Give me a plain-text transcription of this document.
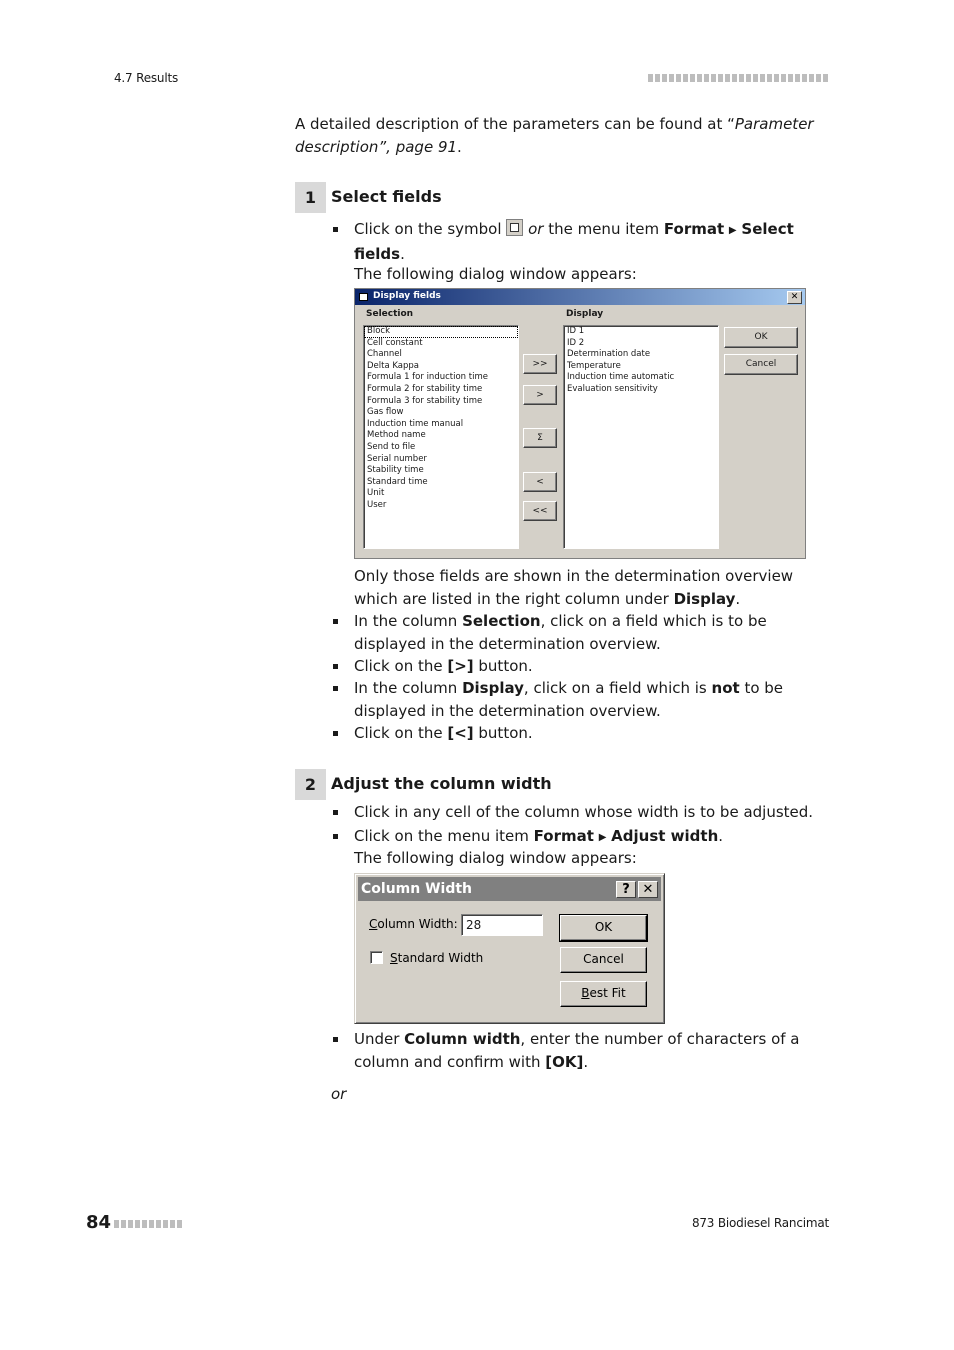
4.7 Results
84	873 Biodiesel Rancimat
A detailed description of the parameters can be found at “Parameter description”, page 91.
1 Select fields
Click on the symbol
or the menu item Format ▶ Select fields.
The following dialog window appears:
Display fields	✕
Selection	Display
Block
Cell constant
Channel
Delta Kappa
Formula 1 for induction time
Formula 2 for stability time
Formula 3 for stability time
Gas flow
Induction time manual
Method name
Send to file
Serial number
Stability time
Standard time
Unit
User
ID 1
ID 2
Determination date
Temperature
Induction time automatic
Evaluation sensitivity
>>
>
Σ
<
<<
OK
Cancel
Only those fields are shown in the determination overview which are listed in the right column under Display.
In the column Selection, click on a field which is to be displayed in the determination overview.
Click on the [>] button.
In the column Display, click on a field which is not to be displayed in the determination overview.
Click on the [<] button.
2 Adjust the column width
Click in any cell of the column whose width is to be adjusted.
Click on the menu item Format ▶ Adjust width.
The following dialog window appears:
Column Width	? ✕
Column Width: 28
Standard Width
OK
Cancel
Best Fit
Under Column width, enter the number of characters of a column and confirm with [OK].
or
